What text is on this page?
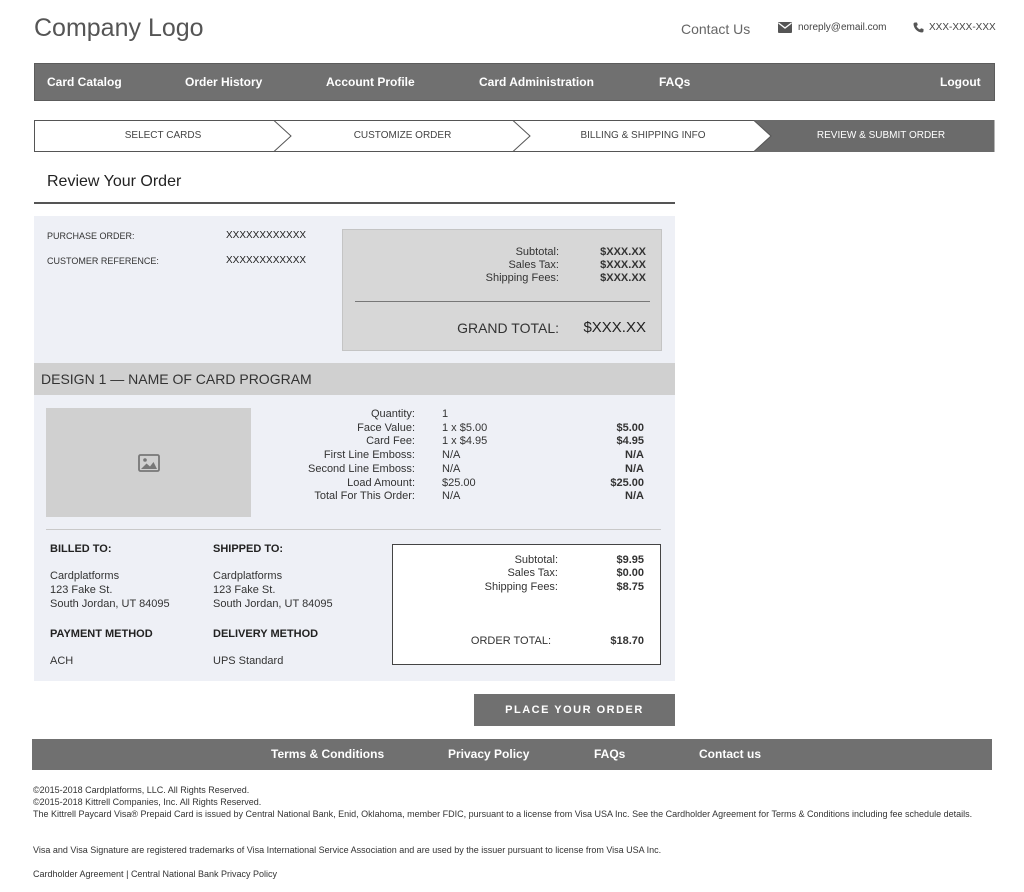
Company Logo	Contact Us	noreply@email.com	XXX-XXX-XXX
Card Catalog	Order History	Account Profile	Card Administration	FAQs	Logout
SELECT CARDS	CUSTOMIZE ORDER	BILLING & SHIPPING INFO	REVIEW & SUBMIT ORDER
Review Your Order
PURCHASE ORDER:	XXXXXXXXXXXX
CUSTOMER REFERENCE:	XXXXXXXXXXXX
Subtotal:	$XXX.XX
Sales Tax:	$XXX.XX
Shipping Fees:	$XXX.XX
GRAND TOTAL: $XXX.XX
DESIGN 1 — NAME OF CARD PROGRAM
Quantity: 1
Face Value: 1 x $5.00	$5.00
Card Fee: 1 x $4.95	$4.95
First Line Emboss: N/A	N/A
Second Line Emboss: N/A	N/A
Load Amount: $25.00	$25.00
Total For This Order: N/A	N/A
BILLED TO:
Cardplatforms
123 Fake St.
South Jordan, UT 84095
SHIPPED TO:
Cardplatforms
123 Fake St.
South Jordan, UT 84095
PAYMENT METHOD
ACH
DELIVERY METHOD
UPS Standard
Subtotal:	$9.95
Sales Tax:	$0.00
Shipping Fees:	$8.75
ORDER TOTAL:	$18.70
PLACE YOUR ORDER
Terms & Conditions	Privacy Policy	FAQs	Contact us
©2015-2018 Cardplatforms, LLC. All Rights Reserved.
©2015-2018 Kittrell Companies, Inc. All Rights Reserved.
The Kittrell Paycard Visa® Prepaid Card is issued by Central National Bank, Enid, Oklahoma, member FDIC, pursuant to a license from Visa USA Inc. See the Cardholder Agreement for Terms & Conditions including fee schedule details.
Visa and Visa Signature are registered trademarks of Visa International Service Association and are used by the issuer pursuant to license from Visa USA Inc.
Cardholder Agreement | Central National Bank Privacy Policy
